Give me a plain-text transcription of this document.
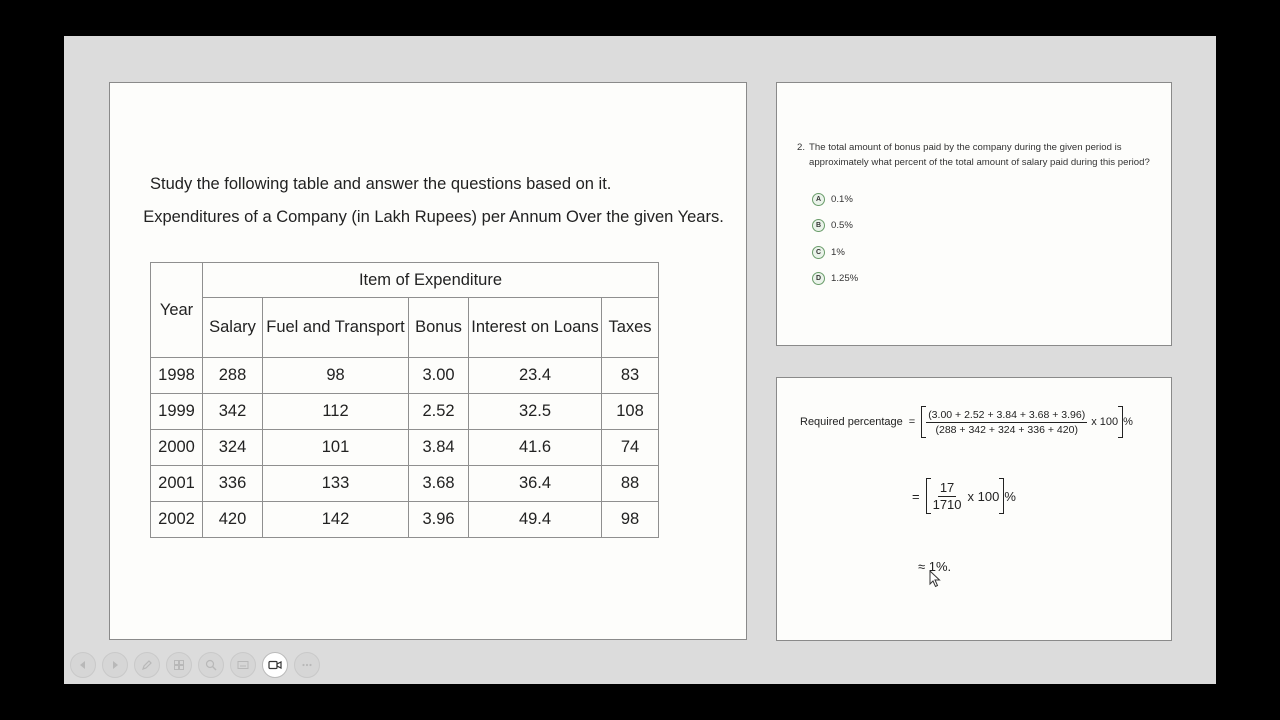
Study the following table and answer the questions based on it.
Expenditures of a Company (in Lakh Rupees) per Annum Over the given Years.
Year	Item of Expenditure				
	Salary	Fuel and Transport	Bonus	Interest on Loans	Taxes
1998	288	98	3.00	23.4	83
1999	342	112	2.52	32.5	108
2000	324	101	3.84	41.6	74
2001	336	133	3.68	36.4	88
2002	420	142	3.96	49.4	98
2. The total amount of bonus paid by the company during the given period is approximately what percent of the total amount of salary paid during this period?
A	0.1%
B	0.5%
C	1%
D	1.25%
Required percentage = $\frac{(3.00 + 2.52 + 3.84 + 3.68 + 3.96)}{(288 + 342 + 324 + 336 + 420)}$ x 100 %
= $\frac{17}{1710}$ x 100 %
≈ 1%.
